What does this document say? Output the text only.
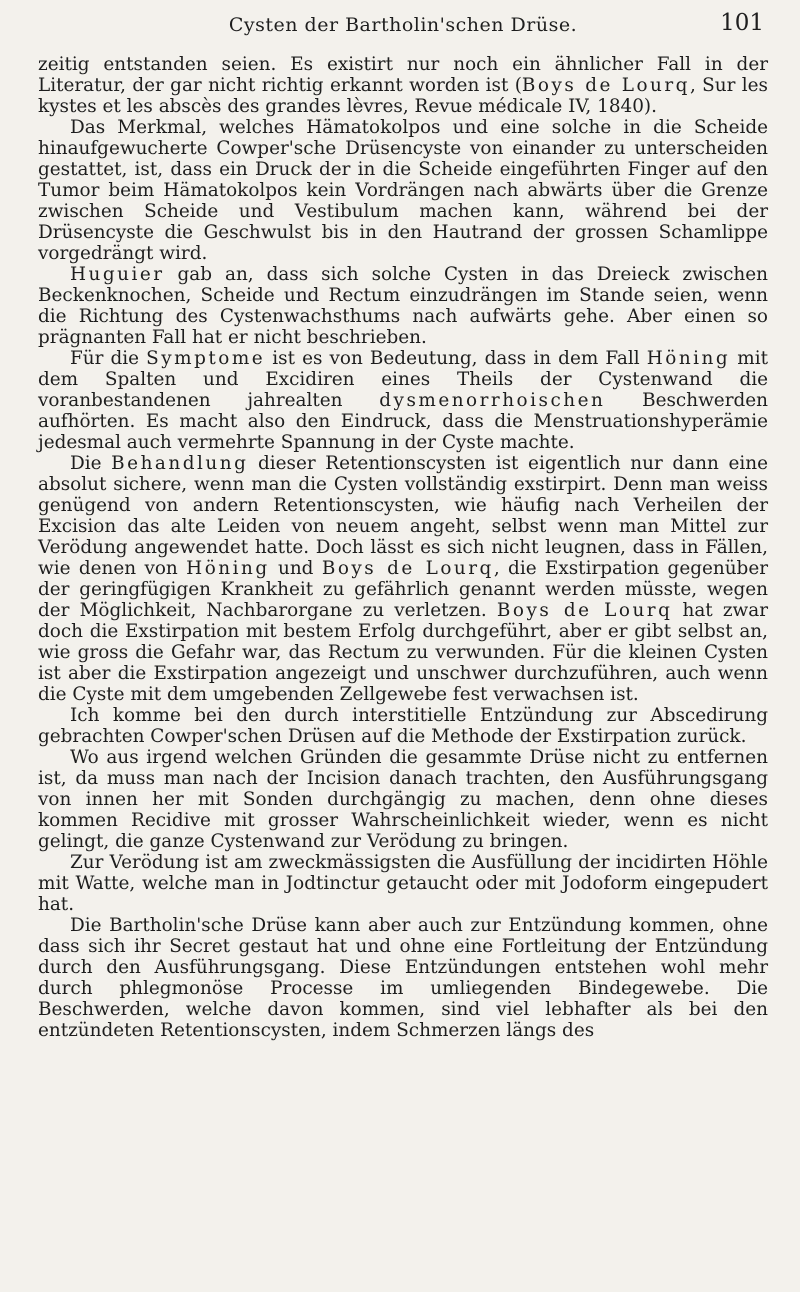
Cysten der Bartholin'schen Drüse.	101

zeitig entstanden seien. Es existirt nur noch ein ähnlicher Fall in der Literatur, der gar nicht richtig erkannt worden ist (Boys de Lourq, Sur les kystes et les abscès des grandes lèvres, Revue médicale IV, 1840).

Das Merkmal, welches Hämatokolpos und eine solche in die Scheide hinaufgewucherte Cowper'sche Drüsencyste von einander zu unterscheiden gestattet, ist, dass ein Druck der in die Scheide eingeführten Finger auf den Tumor beim Hämatokolpos kein Vordrängen nach abwärts über die Grenze zwischen Scheide und Vestibulum machen kann, während bei der Drüsencyste die Geschwulst bis in den Hautrand der grossen Schamlippe vorgedrängt wird.

Huguier gab an, dass sich solche Cysten in das Dreieck zwischen Beckenknochen, Scheide und Rectum einzudrängen im Stande seien, wenn die Richtung des Cystenwachsthums nach aufwärts gehe. Aber einen so prägnanten Fall hat er nicht beschrieben.

Für die Symptome ist es von Bedeutung, dass in dem Fall Höning mit dem Spalten und Excidiren eines Theils der Cystenwand die voranbestandenen jahrealten dysmenorrhoischen Beschwerden aufhörten. Es macht also den Eindruck, dass die Menstruationshyperämie jedesmal auch vermehrte Spannung in der Cyste machte.

Die Behandlung dieser Retentionscysten ist eigentlich nur dann eine absolut sichere, wenn man die Cysten vollständig exstirpirt. Denn man weiss genügend von andern Retentionscysten, wie häufig nach Verheilen der Excision das alte Leiden von neuem angeht, selbst wenn man Mittel zur Verödung angewendet hatte. Doch lässt es sich nicht leugnen, dass in Fällen, wie denen von Höning und Boys de Lourq, die Exstirpation gegenüber der geringfügigen Krankheit zu gefährlich genannt werden müsste, wegen der Möglichkeit, Nachbarorgane zu verletzen. Boys de Lourq hat zwar doch die Exstirpation mit bestem Erfolg durchgeführt, aber er gibt selbst an, wie gross die Gefahr war, das Rectum zu verwunden. Für die kleinen Cysten ist aber die Exstirpation angezeigt und unschwer durchzuführen, auch wenn die Cyste mit dem umgebenden Zellgewebe fest verwachsen ist.

Ich komme bei den durch interstitielle Entzündung zur Abscedirung gebrachten Cowper'schen Drüsen auf die Methode der Exstirpation zurück.

Wo aus irgend welchen Gründen die gesammte Drüse nicht zu entfernen ist, da muss man nach der Incision danach trachten, den Ausführungsgang von innen her mit Sonden durchgängig zu machen, denn ohne dieses kommen Recidive mit grosser Wahrscheinlichkeit wieder, wenn es nicht gelingt, die ganze Cystenwand zur Verödung zu bringen.

Zur Verödung ist am zweckmässigsten die Ausfüllung der incidirten Höhle mit Watte, welche man in Jodtinctur getaucht oder mit Jodoform eingepudert hat.

Die Bartholin'sche Drüse kann aber auch zur Entzündung kommen, ohne dass sich ihr Secret gestaut hat und ohne eine Fortleitung der Entzündung durch den Ausführungsgang. Diese Entzündungen entstehen wohl mehr durch phlegmonöse Processe im umliegenden Bindegewebe. Die Beschwerden, welche davon kommen, sind viel lebhafter als bei den entzündeten Retentionscysten, indem Schmerzen längs des
